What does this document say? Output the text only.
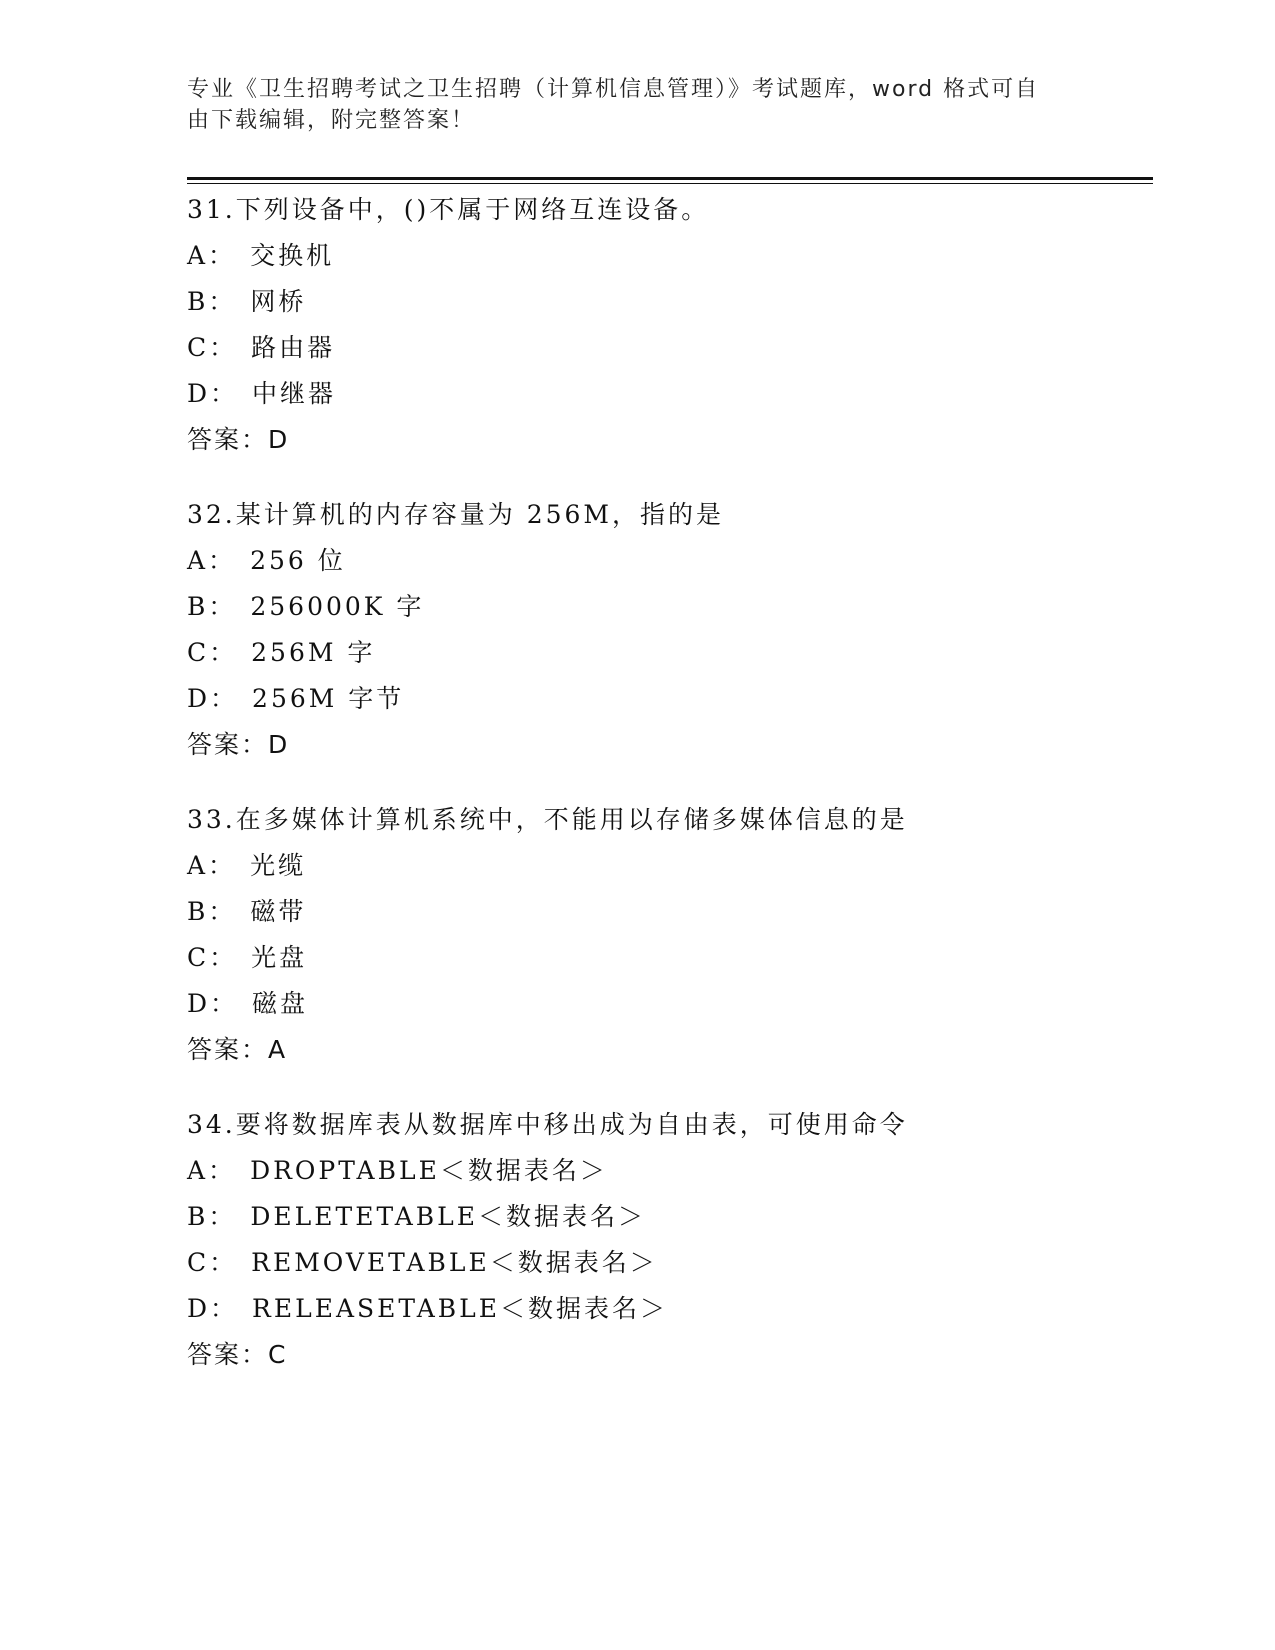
专业《卫生招聘考试之卫生招聘（计算机信息管理）》考试题库，word 格式可自
由下载编辑，附完整答案！
31.下列设备中，()不属于网络互连设备。
A： 交换机
B： 网桥
C： 路由器
D： 中继器
答案：D
32.某计算机的内存容量为 256M，指的是
A： 256 位
B： 256000K 字
C： 256M 字
D： 256M 字节
答案：D
33.在多媒体计算机系统中，不能用以存储多媒体信息的是
A： 光缆
B： 磁带
C： 光盘
D： 磁盘
答案：A
34.要将数据库表从数据库中移出成为自由表，可使用命令
A： DROPTABLE＜数据表名＞
B： DELETETABLE＜数据表名＞
C： REMOVETABLE＜数据表名＞
D： RELEASETABLE＜数据表名＞
答案：C
